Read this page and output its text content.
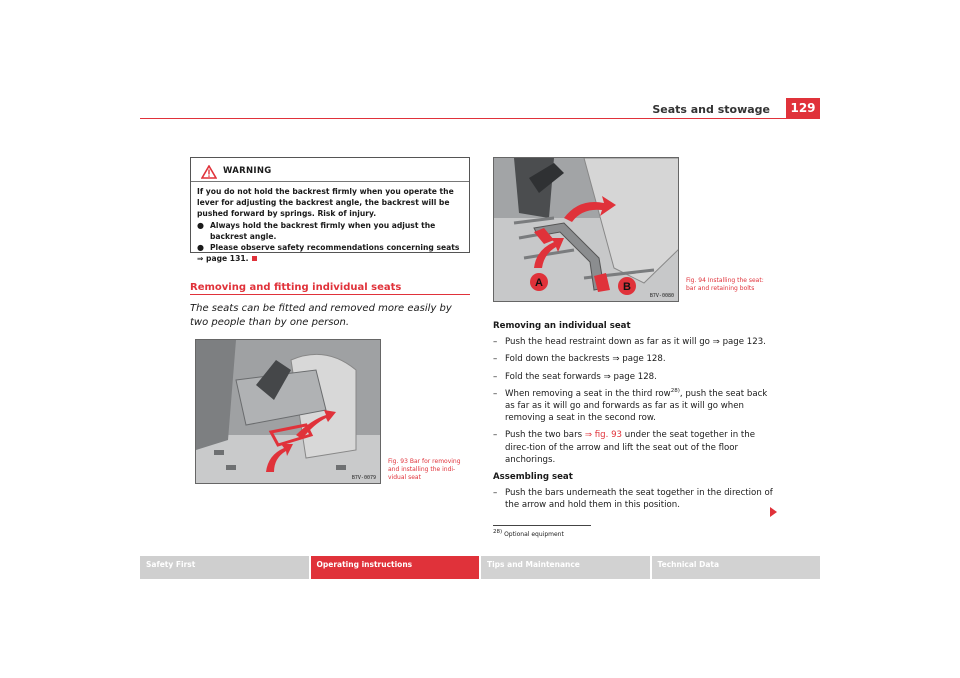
Seats and stowage	129
WARNING

If you do not hold the backrest firmly when you operate the lever for adjusting the backrest angle, the backrest will be pushed forward by springs. Risk of injury.

● Always hold the backrest firmly when you adjust the backrest angle.
● Please observe safety recommendations concerning seats

⇒ page 131.

Removing and fitting individual seats
The seats can be fitted and removed more easily by two people than by one person.
B7V-0079
Fig. 93 Bar for removing and installing the indi-vidual seat
A	B
B7V-0080
Fig. 94 Installing the seat: bar and retaining bolts
Removing an individual seat
– Push the head restraint down as far as it will go ⇒ page 123.
– Fold down the backrests ⇒ page 128.
– Fold the seat forwards ⇒ page 128.
– When removing a seat in the third row$^{28)}$, push the seat back as far as it will go and forwards as far as it will go when removing a seat in the second row.
– Push the two bars ⇒ fig. 93 under the seat together in the direc-tion of the arrow and lift the seat out of the floor anchorings.
Assembling seat
– Push the bars underneath the seat together in the direction of the arrow and hold them in this position.
$^{28)}$ Optional equipment
Safety First	Operating instructions	Tips and Maintenance	Technical Data
